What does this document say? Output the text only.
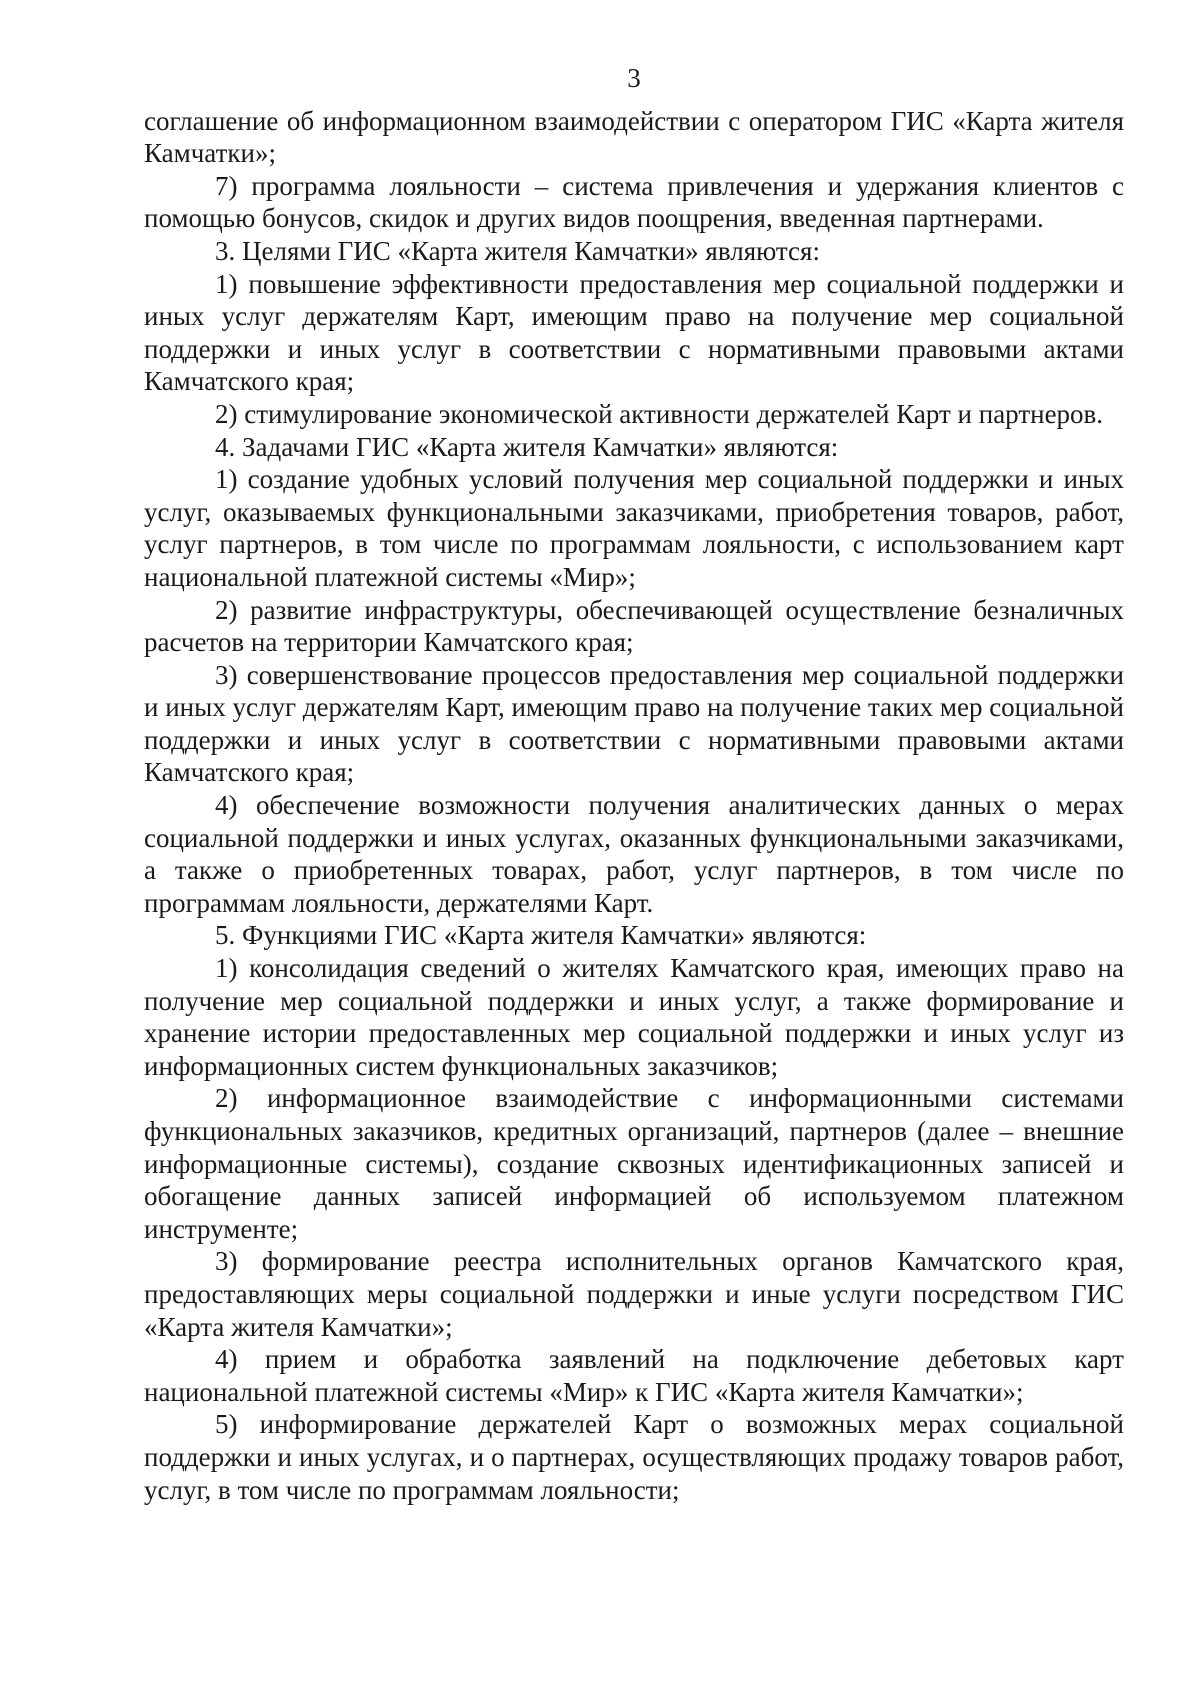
3

соглашение об информационном взаимодействии с оператором ГИС «Карта жителя Камчатки»;

7) программа лояльности – система привлечения и удержания клиентов с помощью бонусов, скидок и других видов поощрения, введенная партнерами.

3. Целями ГИС «Карта жителя Камчатки» являются:

1) повышение эффективности предоставления мер социальной поддержки и иных услуг держателям Карт, имеющим право на получение мер социальной поддержки и иных услуг в соответствии с нормативными правовыми актами Камчатского края;

2) стимулирование экономической активности держателей Карт и партнеров.

4. Задачами ГИС «Карта жителя Камчатки» являются:

1) создание удобных условий получения мер социальной поддержки и иных услуг, оказываемых функциональными заказчиками, приобретения товаров, работ, услуг партнеров, в том числе по программам лояльности, с использованием карт национальной платежной системы «Мир»;

2) развитие инфраструктуры, обеспечивающей осуществление безналичных расчетов на территории Камчатского края;

3) совершенствование процессов предоставления мер социальной поддержки и иных услуг держателям Карт, имеющим право на получение таких мер социальной поддержки и иных услуг в соответствии с нормативными правовыми актами Камчатского края;

4) обеспечение возможности получения аналитических данных о мерах социальной поддержки и иных услугах, оказанных функциональными заказчиками, а также о приобретенных товарах, работ, услуг партнеров, в том числе по программам лояльности, держателями Карт.

5. Функциями ГИС «Карта жителя Камчатки» являются:

1) консолидация сведений о жителях Камчатского края, имеющих право на получение мер социальной поддержки и иных услуг, а также формирование и хранение истории предоставленных мер социальной поддержки и иных услуг из информационных систем функциональных заказчиков;

2) информационное взаимодействие с информационными системами функциональных заказчиков, кредитных организаций, партнеров (далее – внешние информационные системы), создание сквозных идентификационных записей и обогащение данных записей информацией об используемом платежном инструменте;

3) формирование реестра исполнительных органов Камчатского края, предоставляющих меры социальной поддержки и иные услуги посредством ГИС «Карта жителя Камчатки»;

4) прием и обработка заявлений на подключение дебетовых карт национальной платежной системы «Мир» к ГИС «Карта жителя Камчатки»;

5) информирование держателей Карт о возможных мерах социальной поддержки и иных услугах, и о партнерах, осуществляющих продажу товаров работ, услуг, в том числе по программам лояльности;
